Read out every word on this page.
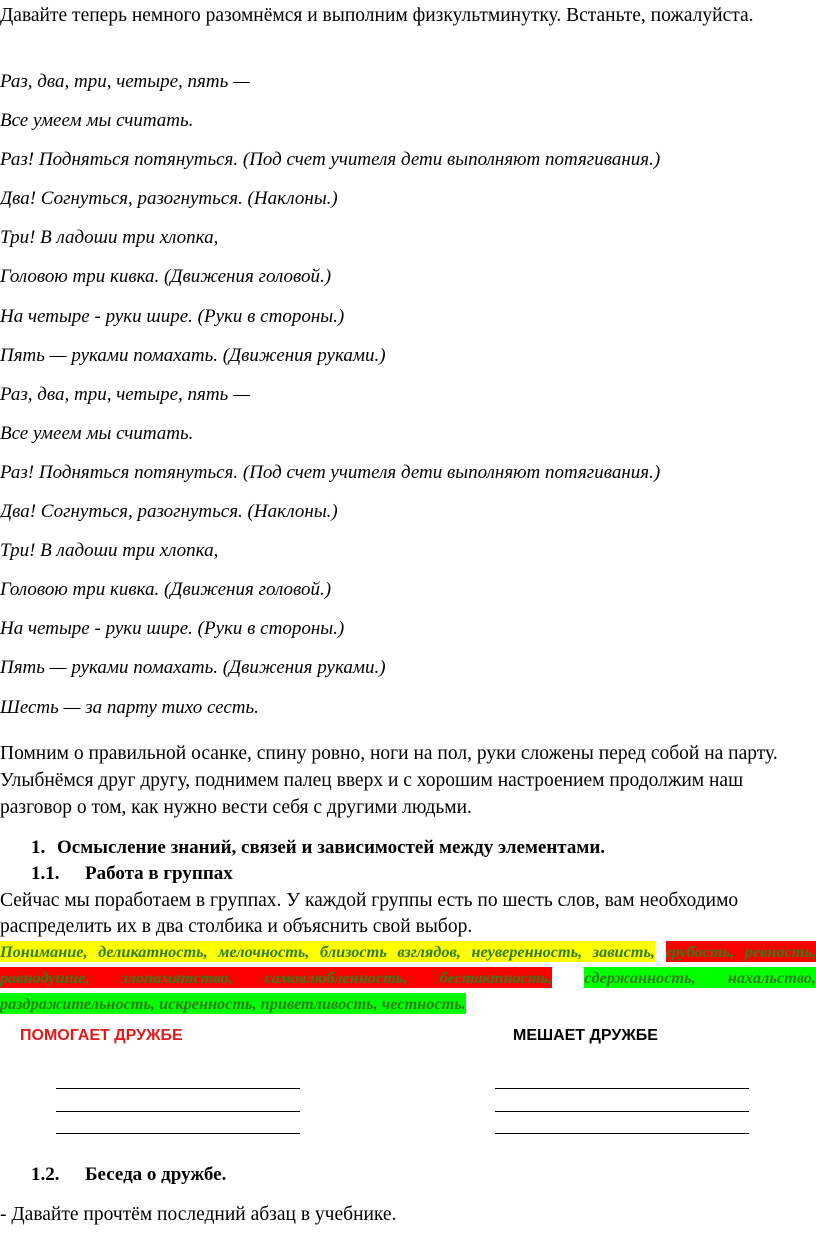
Давайте теперь немного разомнёмся и выполним физкультминутку. Встаньте, пожалуйста.
Раз, два, три, четыре, пять —
Все умеем мы считать.
Раз! Подняться потянуться. (Под счет учителя дети выполняют потягивания.)
Два! Согнуться, разогнуться. (Наклоны.)
Три! В ладоши три хлопка,
Головою три кивка. (Движения головой.)
На четыре - руки шире. (Руки в стороны.)
Пять — руками помахать. (Движения руками.)
Раз, два, три, четыре, пять —
Все умеем мы считать.
Раз! Подняться потянуться. (Под счет учителя дети выполняют потягивания.)
Два! Согнуться, разогнуться. (Наклоны.)
Три! В ладоши три хлопка,
Головою три кивка. (Движения головой.)
На четыре - руки шире. (Руки в стороны.)
Пять — руками помахать. (Движения руками.)
Шесть — за парту тихо сесть.
Помним о правильной осанке, спину ровно, ноги на пол, руки сложены перед собой на парту. Улыбнёмся друг другу, поднимем палец вверх и с хорошим настроением продолжим наш разговор о том, как нужно вести себя с другими людьми.
1. Осмысление знаний, связей и зависимостей между элементами.
1.1. Работа в группах
Сейчас мы поработаем в группах. У каждой группы есть по шесть слов, вам необходимо распределить их в два столбика и объяснить свой выбор.
Понимание, деликатность, мелочность, близость взглядов, неуверенность, зависть, грубость, ревность, равнодушие, злопамятство, самовлюбленность, бестактность, сдержанность, нахальство, раздражительность, искренность, приветливость, честность.
ПОМОГАЕТ ДРУЖБЕ	МЕШАЕТ ДРУЖБЕ
1.2. Беседа о дружбе.
- Давайте прочтём последний абзац в учебнике.
